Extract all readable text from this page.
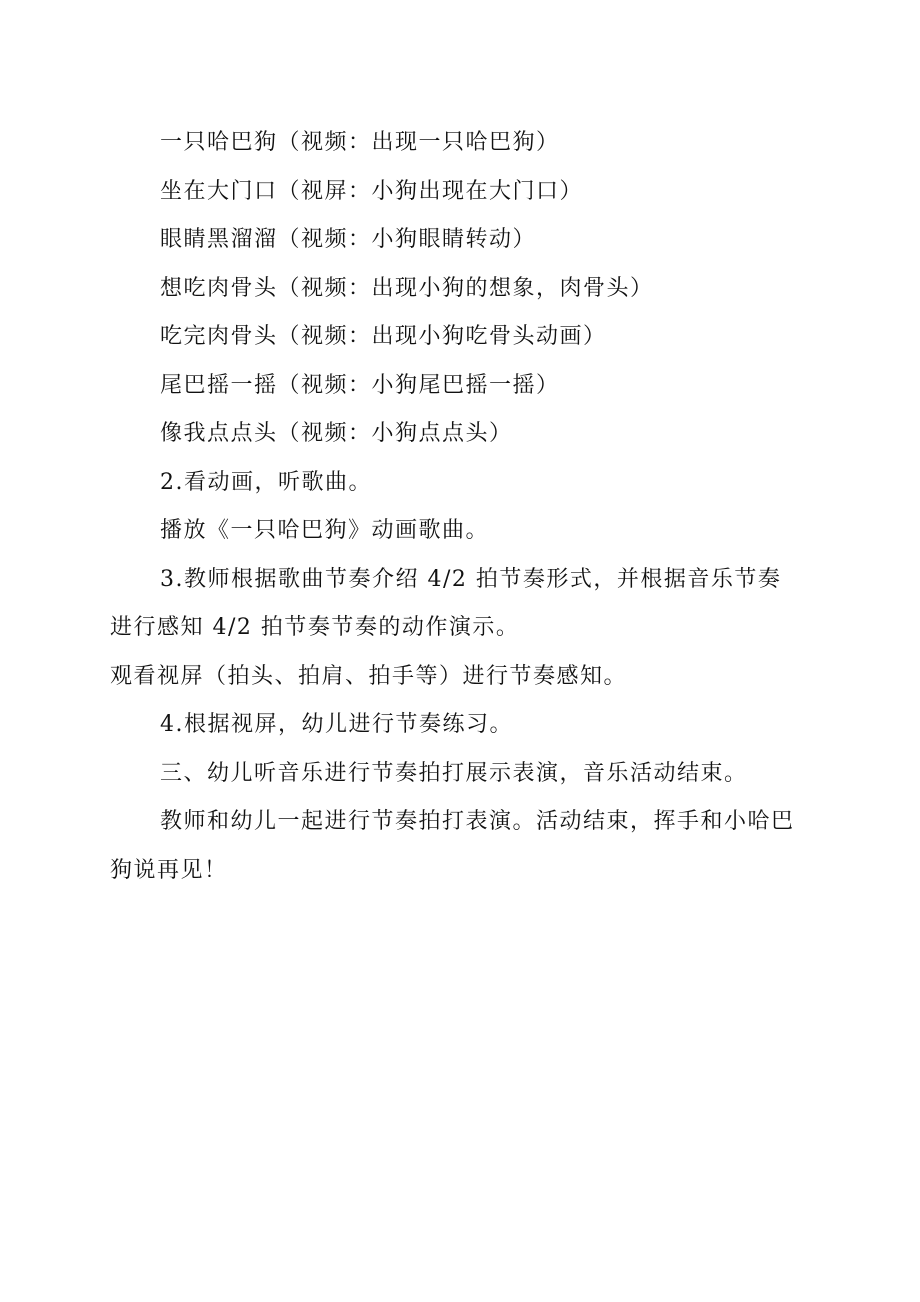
一只哈巴狗（视频：出现一只哈巴狗）
坐在大门口（视屏：小狗出现在大门口）
眼睛黑溜溜（视频：小狗眼睛转动）
想吃肉骨头（视频：出现小狗的想象，肉骨头）
吃完肉骨头（视频：出现小狗吃骨头动画）
尾巴摇一摇（视频：小狗尾巴摇一摇）
像我点点头（视频：小狗点点头）
2.看动画，听歌曲。
播放《一只哈巴狗》动画歌曲。
3.教师根据歌曲节奏介绍 4/2 拍节奏形式，并根据音乐节奏
进行感知 4/2 拍节奏节奏的动作演示。
观看视屏（拍头、拍肩、拍手等）进行节奏感知。
4.根据视屏，幼儿进行节奏练习。
三、幼儿听音乐进行节奏拍打展示表演，音乐活动结束。
教师和幼儿一起进行节奏拍打表演。活动结束，挥手和小哈巴
狗说再见！
